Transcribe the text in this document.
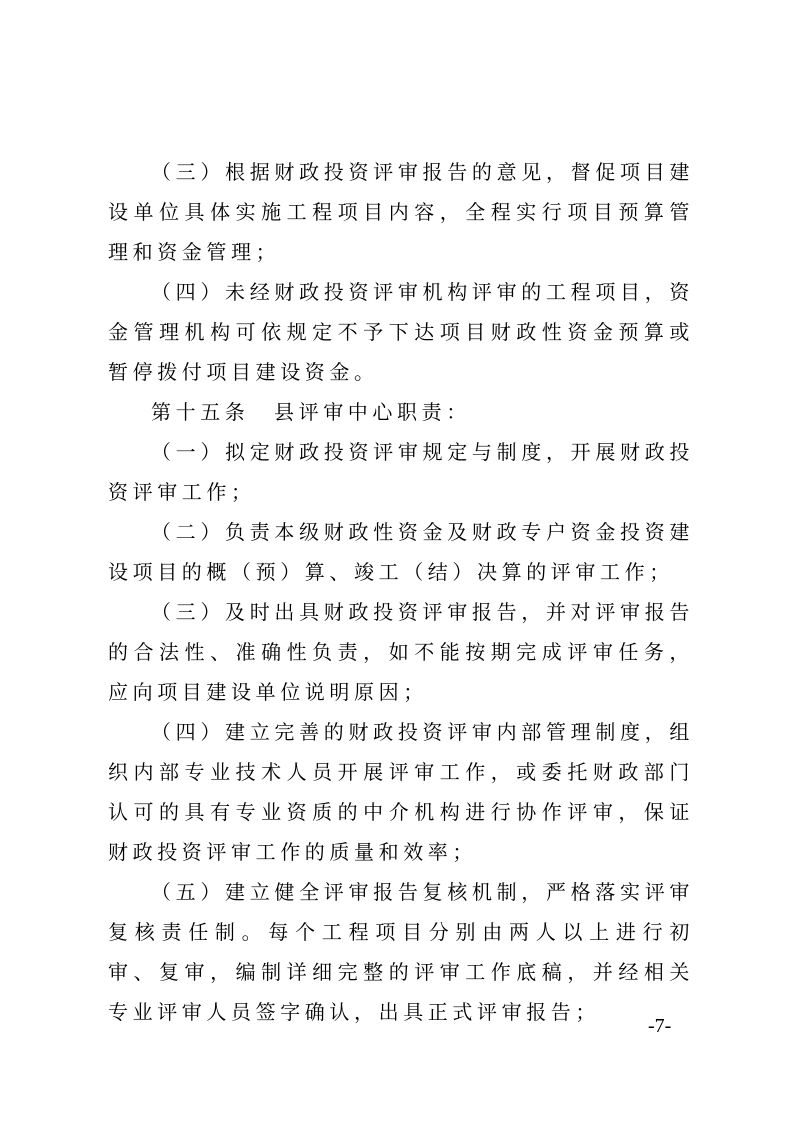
（三）根据财政投资评审报告的意见，督促项目建设单位具体实施工程项目内容，全程实行项目预算管理和资金管理；

（四）未经财政投资评审机构评审的工程项目，资金管理机构可依规定不予下达项目财政性资金预算或暂停拨付项目建设资金。

第十五条　县评审中心职责：

（一）拟定财政投资评审规定与制度，开展财政投资评审工作；

（二）负责本级财政性资金及财政专户资金投资建设项目的概（预）算、竣工（结）决算的评审工作；

（三）及时出具财政投资评审报告，并对评审报告的合法性、准确性负责，如不能按期完成评审任务，应向项目建设单位说明原因；

（四）建立完善的财政投资评审内部管理制度，组织内部专业技术人员开展评审工作，或委托财政部门认可的具有专业资质的中介机构进行协作评审，保证财政投资评审工作的质量和效率；

（五）建立健全评审报告复核机制，严格落实评审复核责任制。每个工程项目分别由两人以上进行初审、复审，编制详细完整的评审工作底稿，并经相关专业评审人员签字确认，出具正式评审报告；

-7-
